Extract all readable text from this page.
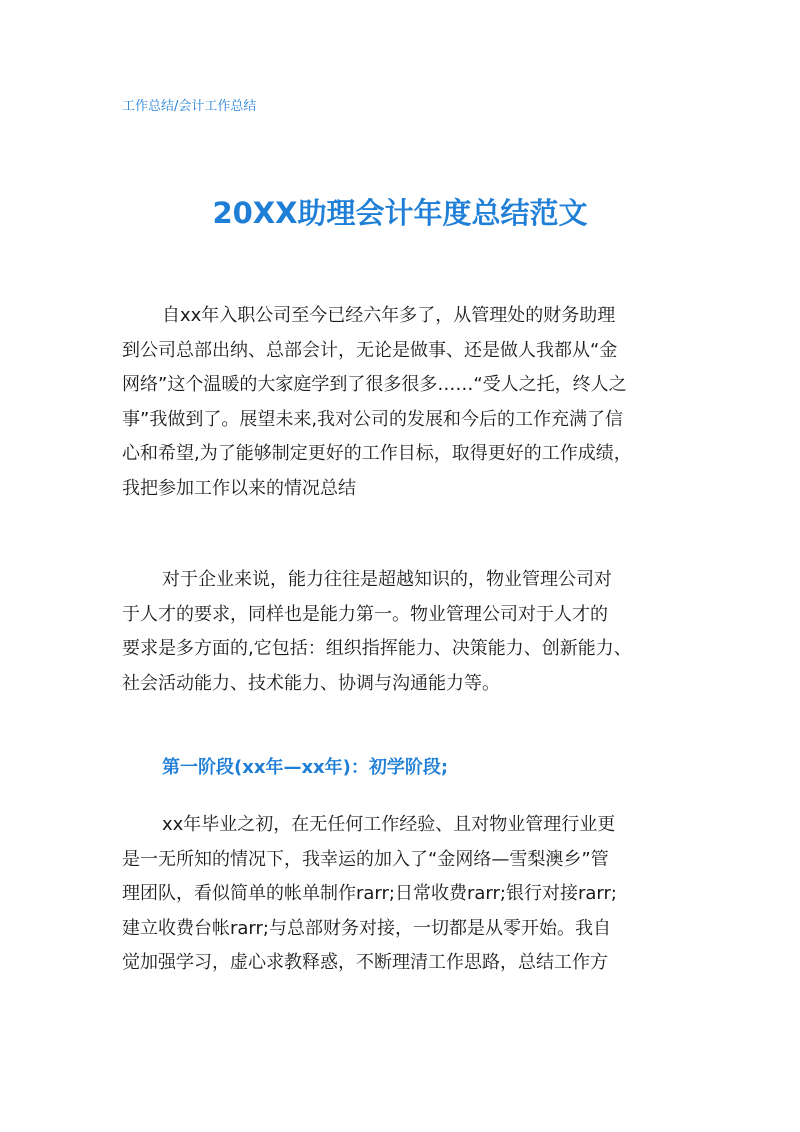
工作总结/会计工作总结
20XX助理会计年度总结范文
自xx年入职公司至今已经六年多了，从管理处的财务助理
到公司总部出纳、总部会计，无论是做事、还是做人我都从“金
网络”这个温暖的大家庭学到了很多很多……“受人之托，终人之
事”我做到了。展望未来,我对公司的发展和今后的工作充满了信
心和希望,为了能够制定更好的工作目标，取得更好的工作成绩，
我把参加工作以来的情况总结
对于企业来说，能力往往是超越知识的，物业管理公司对
于人才的要求，同样也是能力第一。物业管理公司对于人才的
要求是多方面的,它包括：组织指挥能力、决策能力、创新能力、
社会活动能力、技术能力、协调与沟通能力等。
第一阶段(xx年—xx年)：初学阶段;
xx年毕业之初，在无任何工作经验、且对物业管理行业更
是一无所知的情况下，我幸运的加入了“金网络—雪梨澳乡”管
理团队，看似简单的帐单制作rarr;日常收费rarr;银行对接rarr;
建立收费台帐rarr;与总部财务对接，一切都是从零开始。我自
觉加强学习，虚心求教释惑，不断理清工作思路，总结工作方
